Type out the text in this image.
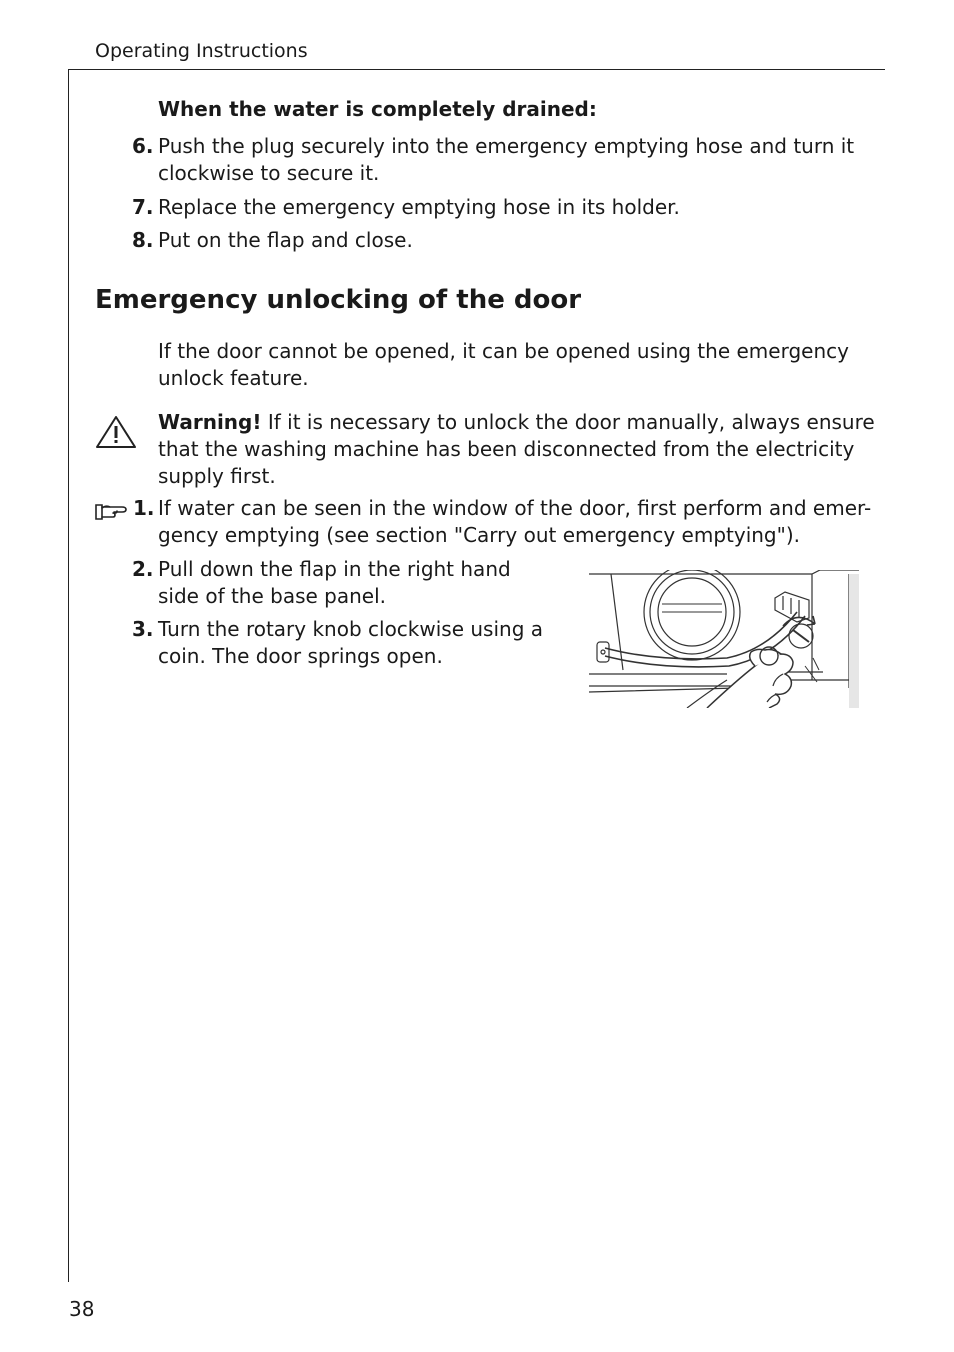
Operating Instructions
When the water is completely drained:
6. Push the plug securely into the emergency emptying hose and turn it
clockwise to secure it.
7. Replace the emergency emptying hose in its holder.
8. Put on the flap and close.
Emergency unlocking of the door
If the door cannot be opened, it can be opened using the emergency
unlock feature.
Warning! If it is necessary to unlock the door manually, always ensure
that the washing machine has been disconnected from the electricity
supply first.
1. If water can be seen in the window of the door, first perform and emer-
gency emptying (see section "Carry out emergency emptying").
2. Pull down the flap in the right hand
side of the base panel.
3. Turn the rotary knob clockwise using a
coin. The door springs open.
38
